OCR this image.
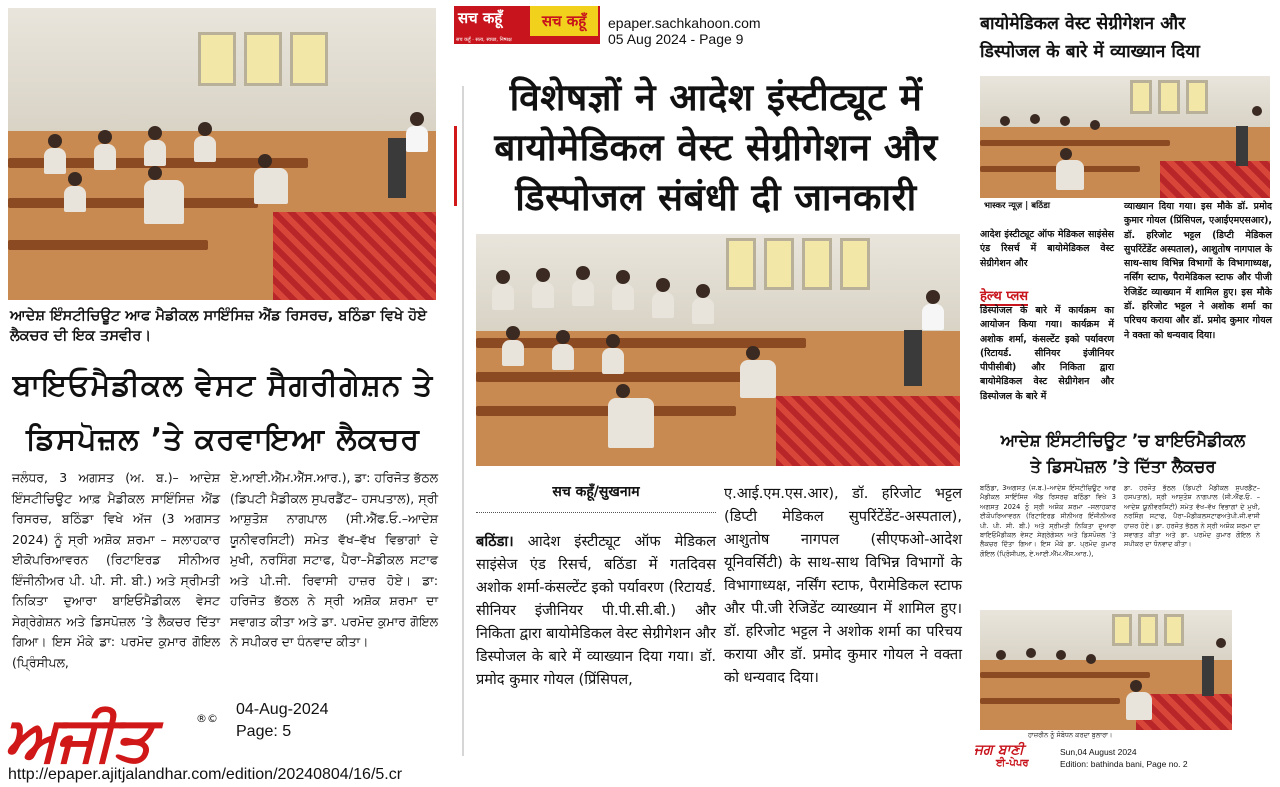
ਆਦੇਸ਼ ਇੰਸਟੀਚਿਊਟ ਆਫ ਮੈਡੀਕਲ ਸਾਇੰਸਿਜ਼ ਐਂਡ ਰਿਸਰਚ, ਬਠਿੰਡਾ ਵਿਖੇ ਹੋਏ ਲੈਕਚਰ ਦੀ ਇਕ ਤਸਵੀਰ।
ਬਾਇਓਮੈਡੀਕਲ ਵੇਸਟ ਸੈਗਰੀਗੇਸ਼ਨ ਤੇ
ਡਿਸਪੋਜ਼ਲ ’ਤੇ ਕਰਵਾਇਆ ਲੈਕਚਰ
ਜਲੰਧਰ, 3 ਅਗਸਤ (ਅ. ਬ.)– ਆਦੇਸ਼ ਇੰਸਟੀਚਿਊਟ ਆਫ਼ ਮੈਡੀਕਲ ਸਾਇੰਸਿਜ਼ ਐਂਡ ਰਿਸਰਚ, ਬਠਿੰਡਾ ਵਿਖੇ ਅੱਜ (3 ਅਗਸਤ 2024) ਨੂੰ ਸ੍ਰੀ ਅਸ਼ੋਕ ਸ਼ਰਮਾ – ਸਲਾਹਕਾਰ ਈਕੋਪਰਿਆਵਰਨ (ਰਿਟਾਇਰਡ ਸੀਨੀਅਰ ਇੰਜੀਨੀਅਰ ਪੀ. ਪੀ. ਸੀ. ਬੀ.) ਅਤੇ ਸ੍ਰੀਮਤੀ ਨਿਕਿਤਾ ਦੁਆਰਾ ਬਾਇਓਮੈਡੀਕਲ ਵੇਸਟ ਸੇਗ੍ਰੇਗੇਸ਼ਨ ਅਤੇ ਡਿਸਪੋਜ਼ਲ ’ਤੇ ਲੈਕਚਰ ਦਿੱਤਾ ਗਿਆ। ਇਸ ਮੌਕੇ ਡਾ: ਪਰਮੋਦ ਕੁਮਾਰ ਗੋਇਲ (ਪ੍ਰਿੰਸੀਪਲ,
ਏ.ਆਈ.ਐੱਮ.ਐੱਸ.ਆਰ.), ਡਾ: ਹਰਿਜੋਤ ਭੱਠਲ (ਡਿਪਟੀ ਮੈਡੀਕਲ ਸੁਪਰਡੈਂਟ– ਹਸਪਤਾਲ), ਸ੍ਰੀ ਆਸ਼ੁਤੋਸ਼ ਨਾਗਪਾਲ (ਸੀ.ਐੱਫ.ਓ.–ਆਦੇਸ਼ ਯੂਨੀਵਰਸਿਟੀ) ਸਮੇਤ ਵੱਖ–ਵੱਖ ਵਿਭਾਗਾਂ ਦੇ ਮੁਖੀ, ਨਰਸਿੰਗ ਸਟਾਫ, ਪੈਰਾ–ਮੈਡੀਕਲ ਸਟਾਫ ਅਤੇ ਪੀ.ਜੀ. ਰਿਵਾਸੀ ਹਾਜ਼ਰ ਹੋਏ। ਡਾ: ਹਰਿਜੋਤ ਭੱਠਲ ਨੇ ਸ੍ਰੀ ਅਸ਼ੋਕ ਸ਼ਰਮਾ ਦਾ ਸਵਾਗਤ ਕੀਤਾ ਅਤੇ ਡਾ. ਪਰਮੋਦ ਕੁਮਾਰ ਗੋਇਲ ਨੇ ਸਪੀਕਰ ਦਾ ਧੰਨਵਾਦ ਕੀਤਾ।
ਅਜੀਤ	®©
04-Aug-2024
Page: 5
http://epaper.ajitjalandhar.com/edition/20240804/16/5.cr
सच कहूँ	सच कहूँ
सच कहूँ · सत्य, स्वच्छ, निष्पक्ष
epaper.sachkahoon.com
05 Aug 2024 - Page 9
विशेषज्ञों ने आदेश इंस्टीट्यूट में
बायोमेडिकल वेस्ट सेग्रीगेशन और
डिस्पोजल संबंधी दी जानकारी
सच कहूँ/सुखनाम
बठिंडा। आदेश इंस्टीट्यूट ऑफ मेडिकल साइंसेज एंड रिसर्च, बठिंडा में गतदिवस अशोक शर्मा-कंसल्टेंट इको पर्यावरण (रिटायर्ड. सीनियर इंजीनियर पी.पी.सी.बी.) और निकिता द्वारा बायोमेडिकल वेस्ट सेग्रीगेशन और डिस्पोजल के बारे में व्याख्यान दिया गया। डॉ. प्रमोद कुमार गोयल (प्रिंसिपल,
ए.आई.एम.एस.आर), डॉ. हरिजोट भट्टल (डिप्टी मेडिकल सुपरिंटेंडेंट-अस्पताल), आशुतोष नागपल (सीएफओ-आदेश यूनिवर्सिटी) के साथ-साथ विभिन्न विभागों के विभागाध्यक्ष, नर्सिंग स्टाफ, पैरामेडिकल स्टाफ और पी.जी रेजिडेंट व्याख्यान में शामिल हुए। डॉ. हरिजोट भट्टल ने अशोक शर्मा का परिचय कराया और डॉ. प्रमोद कुमार गोयल ने वक्ता को धन्यवाद दिया।
बायोमेडिकल वेस्ट सेग्रीगेशन और
डिस्पोजल के बारे में व्याख्यान दिया
भास्कर न्यूज़ | बठिंडा
आदेश इंस्टीट्यूट ऑफ मेडिकल साइंसेस एंड रिसर्च में बायोमेडिकल वेस्ट सेग्रीगेशन और
हेल्थ प्लस
डिस्पोजल के बारे में कार्यक्रम का आयोजन किया गया। कार्यक्रम में अशोक शर्मा, कंसल्टेंट इको पर्यावरण (रिटायर्ड. सीनियर इंजीनियर पीपीसीबी) और निकिता द्वारा बायोमेडिकल वेस्ट सेग्रीगेशन और डिस्पोजल के बारे में
व्याख्यान दिया गया। इस मौके डॉ. प्रमोद कुमार गोयल (प्रिंसिपल, एआईएमएसआर), डॉ. हरिजोट भट्टल (डिप्टी मेडिकल सुपरिंटेंडेंट अस्पताल), आशुतोष नागपाल के साथ-साथ विभिन्न विभागों के विभागाध्यक्ष, नर्सिंग स्टाफ, पैरामेडिकल स्टाफ और पीजी रेजिडेंट व्याख्यान में शामिल हुए। इस मौके डॉ. हरिजोट भट्टल ने अशोक शर्मा का परिचय कराया और डॉ. प्रमोद कुमार गोयल ने वक्ता को धन्यवाद दिया।
ਆਦੇਸ਼ ਇੰਸਟੀਚਿਊਟ ’ਚ ਬਾਇਓਮੈਡੀਕਲ
ਤੇ ਡਿਸਪੋਜ਼ਲ ’ਤੇ ਦਿੱਤਾ ਲੈਕਚਰ
ਬਠਿੰਡਾ, 3ਅਗਸਤ (ਜ.ਬ.)–ਆਦੇਸ਼ ਇੰਸਟੀਚਿਊਟ ਆਫ ਮੈਡੀਕਲ ਸਾਇੰਸਿਜ਼ ਐਂਡ ਰਿਸਰਚ ਬਠਿੰਡਾ ਵਿਖੇ 3 ਅਗਸਤ 2024 ਨੂੰ ਸ੍ਰੀ ਅਸ਼ੋਕ ਸ਼ਰਮਾ –ਸਲਾਹਕਾਰ ਈਕੋਪਰਿਆਵਰਨ (ਰਿਟਾਇਰਡ ਸੀਨੀਅਰ ਇੰਜੀਨੀਅਰ ਪੀ. ਪੀ. ਸੀ. ਬੀ.) ਅਤੇ ਸ੍ਰੀਮਤੀ ਨਿਕਿਤਾ ਦੁਆਰਾ ਬਾਇਓਮੈਡੀਕਲ ਵੇਸਟ ਸੇਗ੍ਰੇਗੇਸ਼ਨ ਅਤੇ ਡਿਸਪੋਜ਼ਲ ’ਤੇ ਲੈਕਚਰ ਦਿੱਤਾ ਗਿਆ। ਇਸ ਮੌਕੇ ਡਾ. ਪ੍ਰਮੋਦ ਕੁਮਾਰ ਗੋਇਲ (ਪ੍ਰਿੰਸੀਪਲ, ਏ.ਆਈ.ਐੱਮ.ਐੱਸ.ਆਰ.),
ਡਾ. ਹਰਜੋਤ ਭੱਠਲ (ਡਿਪਟੀ ਮੈਡੀਕਲ ਸੁਪਰਡੈਂਟ–ਹਸਪਤਾਲ), ਸ੍ਰੀ ਆਸ਼ੁਤੋਸ਼ ਨਾਗਪਾਲ (ਸੀ.ਐੱਫ.ਓ. –ਆਦੇਸ਼ ਯੂਨੀਵਰਸਿਟੀ) ਸਮੇਤ ਵੱਖ–ਵੱਖ ਵਿਭਾਗਾਂ ਦੇ ਮੁਖੀ, ਨਰਸਿੰਗ ਸਟਾਫ, ਪੈਰਾ–ਮੈਡੀਕਲਸਟਾਫਅਤੇਪੀ.ਜੀ.ਵਾਸੀ ਹਾਜ਼ਰ ਹੋਏ। ਡਾ. ਹਰਜੋਤ ਭੱਠਲ ਨੇ ਸ੍ਰੀ ਅਸ਼ੋਕ ਸ਼ਰਮਾ ਦਾ ਸਵਾਗਤ ਕੀਤਾ ਅਤੇ ਡਾ. ਪਰਮੋਦ ਕੁਮਾਰ ਗੋਇਲ ਨੇ ਸਪੀਕਰ ਦਾ ਧੰਨਵਾਦ ਕੀਤਾ।
ਹਾਜ਼ਰੀਨ ਨੂੰ ਸੰਬੋਧਨ ਕਰਦਾ ਬੁਲਾਰਾ।
ਜਗ ਬਾਣੀ
ਈ-ਪੇਪਰ
Sun,04 August 2024
Edition: bathinda bani, Page no. 2
